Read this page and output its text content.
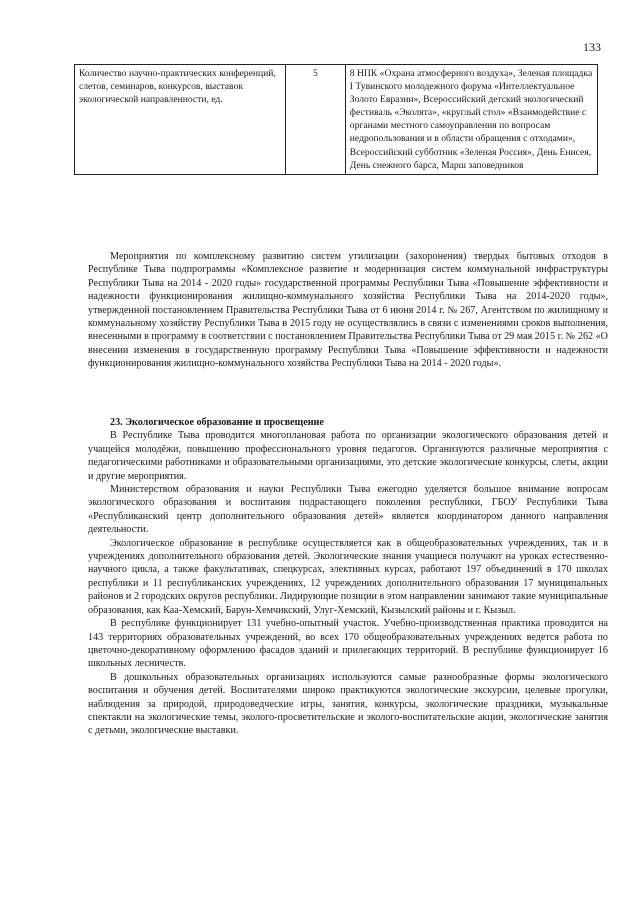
133
Количество научно-практических конференций, слетов, семинаров, конкурсов, выставок экологической направленности, ед.	5	8 НПК «Охрана атмосферного воздуха», Зеленая площадка I Тувинского молодежного форума «Интеллектуальное Золото Евразии», Всероссийский детский экологический фестиваль «Эколята», «круглый стол» «Взаимодействие с органами местного самоуправления по вопросам недропользования и в области обращения с отходами», Всероссийский субботник «Зеленая Россия», День Енисея, День снежного барса, Марш заповедников

Мероприятия по комплексному развитию систем утилизации (захоронения) твердых бытовых отходов в Республике Тыва подпрограммы «Комплексное развитие и модернизация систем коммунальной инфраструктуры Республики Тыва на 2014 - 2020 годы» государственной программы Республики Тыва «Повышение эффективности и надежности функционирования жилищно-коммунального хозяйства Республики Тыва на 2014-2020 годы», утвержденной постановлением Правительства Республики Тыва от 6 июня 2014 г. № 267, Агентством по жилищному и коммунальному хозяйству Республики Тыва в 2015 году не осуществлялись в связи с изменениями сроков выполнения, внесенными в программу в соответствии с постановлением Правительства Республики Тыва от 29 мая 2015 г. № 262 «О внесении изменения в государственную программу Республики Тыва «Повышение эффективности и надежности функционирования жилищно-коммунального хозяйства Республики Тыва на 2014 - 2020 годы».

23. Экологическое образование и просвещение

В Республике Тыва проводится многоплановая работа по организации экологического образования детей и учащейся молодёжи, повышению профессионального уровня педагогов. Организуются различные мероприятия с педагогическими работниками и образовательными организациями, это детские экологические конкурсы, слеты, акции и другие мероприятия.

Министерством образования и науки Республики Тыва ежегодно уделяется большое внимание вопросам экологического образования и воспитания подрастающего поколения республики, ГБОУ Республики Тыва «Республиканский центр дополнительного образования детей» является координатором данного направления деятельности.

Экологическое образование в республике осуществляется как в общеобразовательных учреждениях, так и в учреждениях дополнительного образования детей. Экологические знания учащиеся получают на уроках естественно-научного цикла, а также факультативах, спецкурсах, элективных курсах, работают 197 объединений в 170 школах республики и 11 республиканских учреждениях, 12 учреждениях дополнительного образования 17 муниципальных районов и 2 городских округов республики. Лидирующие позиции в этом направлении занимают такие муниципальные образования, как Каа-Хемский, Барун-Хемчикский, Улуг-Хемский, Кызылский районы и г. Кызыл.

В республике функционирует 131 учебно-опытный участок. Учебно-производственная практика проводится на 143 территориях образовательных учреждений, во всех 170 общеобразовательных учреждениях ведется работа по цветочно-декоративному оформлению фасадов зданий и прилегающих территорий. В республике функционирует 16 школьных лесничеств.

В дошкольных образовательных организациях используются самые разнообразные формы экологического воспитания и обучения детей. Воспитателями широко практикуются экологические экскурсии, целевые прогулки, наблюдения за природой, природоведческие игры, занятия, конкурсы, экологические праздники, музыкальные спектакли на экологические темы, эколого-просветительские и эколого-воспитательские акции, экологические занятия с детьми, экологические выставки.
